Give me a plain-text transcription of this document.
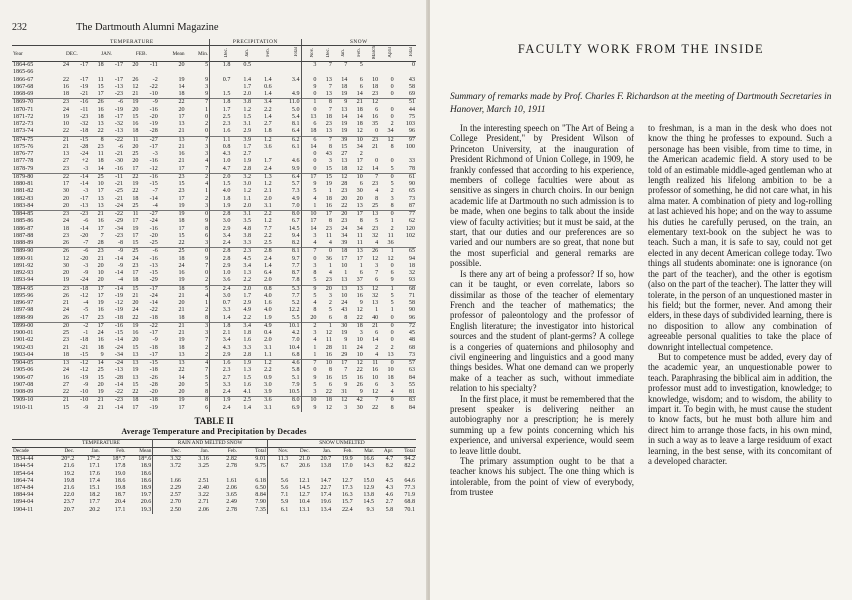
232	The Dartmouth Alumni Magazine
	TEMPERATURE								PRECIPITATION				SNOW						
Year	DEC.		JAN.		FEB.		Mean	Min.	Dec.	Jan.	Feb.	Total	Nov.	Dec.	Jan.	Feb.	March	April	Total
1864-65	24	-17	18	-17	20	-11	20	5	1.8	0.5			3	7	7	5			0
1865-66																			
1866-67	22	-17	11	-17	26	-2	19	9	0.7	1.4	1.4	3.4	0	13	14	6	10	0	43
1867-68	16	-19	15	-13	12	-22	14	3		1.7	0.6		9	7	18	6	18	0	58
1868-69	18	-21	17	-23	21	-10	18	9	1.5	2.0	1.4	4.9	0	13	19	14	23	0	69
1869-70	23	-16	26	-6	19	-9	22	7	1.8	3.8	3.4	11.0	1	8	9	21	12		51
1870-71	24	-11	16	-19	20	-16	20	1	1.7	1.2	2.2	5.0	0	7	13	18	6	0	44
1871-72	19	-23	18	-17	15	-20	17	0	2.5	1.5	1.4	5.4	13	18	14	14	16	0	75
1872-73	10	-32	13	-32	16	-19	13	2	2.3	3.1	2.7	8.1	6	23	19	18	35	2	103
1873-74	22	-18	22	-13	18	-28	21	0	1.6	2.9	1.8	6.4	18	13	19	12	0	34	96
1874-75	21	-15	8	-22	11	-27	13	7	1.1	3.9	1.2	6.2	6	7	39	10	23	12	97
1875-76	21	-28	23	-6	20	-17	21	3	0.8	1.7	3.6	6.1	14	8	15	34	21	8	100
1876-77	13	-24	11	-21	25	-3	16	3	4.3	2.7			0	43	27	2			
1877-78	27	+2	18	-30	20	-16	21	4	1.0	1.9	1.7	4.6	0	3	13	17	0	0	33
1878-79	23	-3	14	-16	17	-12	17	7	4.7	2.8	2.4	9.9	0	15	18	12	14	5	78
1879-80	22	-14	25	-11	22	-16	23	2	2.0	3.2	1.3	6.4	17	15	12	10	7	0	61
1880-81	17	-14	10	-21	19	-15	15	4	1.5	3.0	1.2	5.7	9	19	28	6	23	5	90
1881-82	30	-3	17	-25	22	-7	23	1	4.0	1.2	2.1	7.3	5	1	23	30	4	2	65
1882-83	20	-17	13	-21	18	-14	17	2	1.8	1.1	2.0	4.9	4	18	20	20	8	3	73
1883-84	20	-13	13	-24	25	-4	19	3	1.9	2.0	3.1	7.0	1	16	22	13	25	8	87
1884-85	23	-23	21	-22	11	-27	19	0	2.8	3.1	2.2	8.0	10	17	20	17	13	0	77
1885-86	24	-6	16	-29	17	-24	18	9	3.0	3.5	1.2	6.7	17	8	23	8	5	1	62
1886-87	18	-14	17	-34	19	-16	17	8	2.9	4.8	7.7	14.5	14	23	24	34	23	2	120
1887-88	23	-20	7	-23	17	-20	15	6	3.4	3.8	2.2	9.4	3	11	34	11	32	11	102
1888-89	26	-7	28	-8	15	-25	22	3	2.4	3.3	2.5	8.2	4	4	39	11	4	36	
1889-90	26	-6	23	-9	25	-6	25	0	2.8	2.3	2.8	8.1	7	0	18	13	26	1	65
1890-91	12	-20	21	-14	24	-16	18	9	2.8	4.5	2.4	9.7	0	36	17	17	12	12	94
1891-92	30	-3	20	-9	23	-13	24	7	2.9	3.4	1.4	7.7	3	1	10	1	3	0	18
1892-93	20	-9	10	-14	17	-15	16	0	1.0	1.3	6.4	8.7	8	4	1	6	7	6	32
1893-94	19	-24	20	-4	18	-29	19	2	3.6	2.2	2.0	7.8	5	23	13	37	6	9	93
1894-95	23	-18	17	-14	15	-17	18	5	2.4	2.0	0.8	5.3	9	20	13	13	12	1	68
1895-96	26	-12	17	-19	21	-24	21	4	3.0	1.7	4.0	7.7	5	3	10	16	32	5	71
1896-97	21	-4	19	-12	20	-14	20	1	0.7	2.9	1.6	5.2	4	2	24	9	13	5	58
1897-98	24	-5	16	-19	24	-22	21	2	3.3	4.9	4.0	12.2	8	5	43	12	1	1	90
1898-99	26	-17	23	-18	22	-18	18	8	1.4	2.2	1.9	5.5	20	6	8	22	40	0	96
1899-00	20	-2	17	-16	19	-22	21	3	1.8	3.4	4.9	10.1	2	1	30	18	21	0	72
1900-01	25	-1	24	-15	16	-17	21	3	2.1	1.8	0.4	4.2	3	12	19	3	6	0	45
1901-02	23	-18	16	-14	20	-9	19	7	3.4	1.6	2.0	7.0	4	11	9	10	14	0	48
1902-03	21	-21	18	-24	15	-18	18	2	4.3	3.3	3.1	10.4	1	28	11	24	2	2	68
1903-04	18	-15	9	-34	13	-17	13	2	2.9	2.8	1.1	6.8	1	16	29	10	4	13	73
1904-05	13	-12	14	-24	13	-15	13	4	1.6	1.9	1.2	4.6	7	10	17	12	11	0	57
1905-06	24	-12	25	-13	19	-18	22	7	2.3	1.3	2.2	5.8	0	8	7	22	16	10	63
1906-07	16	-19	15	-28	13	-26	14	5	2.7	1.5	0.9	5.1	9	16	15	16	10	18	84
1907-08	27	-9	20	-14	15	-28	20	5	3.3	1.6	3.0	7.9	5	6	9	26	6	3	55
1908-09	22	-10	19	-22	22	-20	20	8	2.4	4.1	3.9	10.5	3	22	31	9	12	4	81
1909-10	21	-10	21	-23	18	-18	19	8	1.9	2.5	3.6	8.0	10	18	12	42	7	0	83
1910-11	15	-9	21	-14	17	-19	17	6	2.4	1.4	3.1	6.9	9	12	3	30	22	8	84
TABLE II
Average Temperature and Precipitation by Decades
	TEMPERATURE				RAIN AND MELTED SNOW				SNOW UNMELTED						
Decade	Dec.	Jan.	Feb.	Mean	Dec.	Jan.	Feb.	Total	Nov.	Dec.	Jan.	Feb.	Mar.	Apr.	Total
1834-44	20°.2	17°.2	18°.7	18°.6	3.32	3.16	2.82	9.01	11.3	21.0	20.7	19.9	16.6	4.7	94.2
1844-54	21.6	17.1	17.8	18.9	3.72	3.25	2.78	9.75	6.7	20.6	13.8	17.0	14.3	8.2	82.2
1854-64	19.2	17.6	19.0	18.6											
1864-74	19.8	17.4	18.6	18.6	1.66	2.51	1.61	6.18	5.6	12.1	14.7	12.7	15.0	4.5	64.6
1874-84	21.6	15.1	19.8	18.9	2.29	2.40	2.06	6.50	5.6	14.5	22.7	17.3	12.9	4.3	77.3
1884-94	22.0	18.2	18.7	19.7	2.57	3.22	3.65	8.84	7.1	12.7	17.4	16.3	13.8	4.6	71.9
1894-04	23.7	17.7	20.4	20.6	2.70	2.71	2.49	7.90	5.9	10.4	19.6	15.7	14.5	2.7	68.8
1904-11	20.7	20.2	17.1	19.3	2.50	2.06	2.78	7.35	6.1	13.1	13.4	22.4	9.3	5.8	70.1
FACULTY WORK FROM THE INSIDE
Summary of remarks made by Prof. Charles F. Richardson at the meeting of Dartmouth Secretaries in Hanover, March 10, 1911

In the interesting speech on "The Art of Being a College President," by President Wilson of Princeton University, at the inauguration of President Richmond of Union College, in 1909, he frankly confessed that according to his experience, members of college faculties were about as sensitive as singers in church choirs. In our benign academic life at Dartmouth no such admission is to be made, when one begins to talk about the inside view of faculty activities; but it must be said, at the start, that our duties and our preferences are so varied and our numbers are so great, that none but the most superficial and general remarks are possible.

Is there any art of being a professor? If so, how can it be taught, or even correlate, labors so dissimilar as those of the teacher of elementary French and the teacher of mathematics; the professor of paleontology and the professor of English literature; the investigator into historical sources and the student of plant-germs? A college is a congeries of quaternions and philosophy and civil engineering and linguistics and a good many things besides. What one demand can we properly make of a teacher as such, without immediate relation to his specialty?

In the first place, it must be remembered that the present speaker is delivering neither an autobiography nor a prescription; he is merely summing up a few points concerning which his experience, and universal experience, would seem to leave little doubt.

The primary assumption ought to be that a teacher knows his subject. The one thing which is intolerable, from the point of view of everybody, from trustee

to freshman, is a man in the desk who does not know the thing he professes to expound. Such a personage has been visible, from time to time, in the American academic field. A story used to be told of an estimable middle-aged gentleman who at length realized his lifelong ambition to be a professor of something, he did not care what, in his alma mater. A combination of piety and log-rolling at last achieved his hope; and on the way to assume his duties he carefully perused, on the train, an elementary text-book on the subject he was to teach. Such a man, it is safe to say, could not get elected in any decent American college today. Two things all students abominate: one is ignorance (on the part of the teacher), and the other is egotism (also on the part of the teacher). The latter they will tolerate, in the person of an unquestioned master in his field; but the former, never. And among their elders, in these days of subdivided learning, there is no disposition to allow any combination of agreeable personal qualities to take the place of downright intellectual competence.

But to competence must be added, every day of the academic year, an unquestionable power to teach. Paraphrasing the biblical aim in addition, the professor must add to investigation, knowledge; to knowledge, wisdom; and to wisdom, the ability to impart it. To begin with, he must cause the student to know facts, but he must both allure him and direct him to arrange those facts, in his own mind, in such a way as to leave a large residuum of exact learning, in the best sense, with its concomitant of a developed character.
